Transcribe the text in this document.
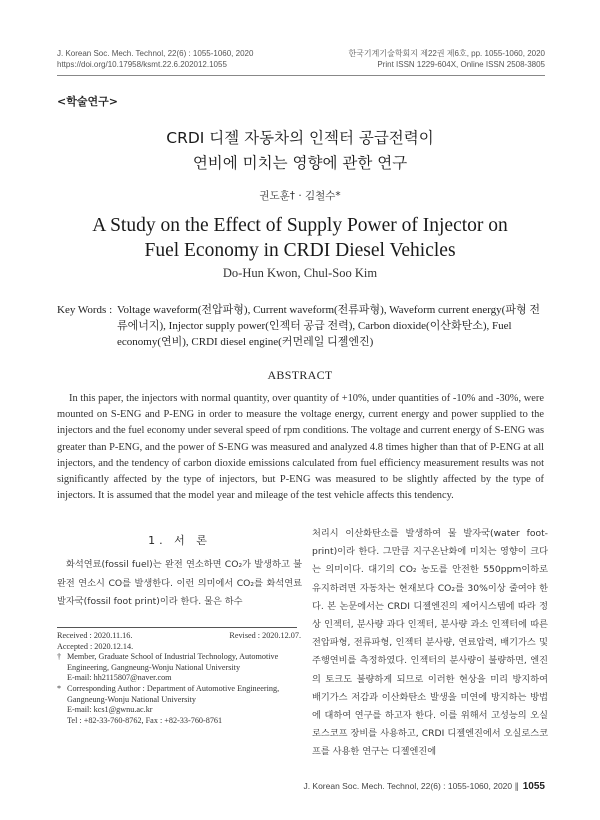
J. Korean Soc. Mech. Technol, 22(6) : 1055-1060, 2020
https://doi.org/10.17958/ksmt.22.6.202012.1055
한국기계기술학회지 제22권 제6호, pp. 1055-1060, 2020
Print ISSN 1229-604X, Online ISSN 2508-3805
<학술연구>
CRDI 디젤 자동차의 인젝터 공급전력이
연비에 미치는 영향에 관한 연구
권도훈† · 김철수*
A Study on the Effect of Supply Power of Injector on
Fuel Economy in CRDI Diesel Vehicles
Do-Hun Kwon, Chul-Soo Kim
Key Words : Voltage waveform(전압파형), Current waveform(전류파형), Waveform current energy(파형 전류에너지), Injector supply power(인젝터 공급 전력), Carbon dioxide(이산화탄소), Fuel economy(연비), CRDI diesel engine(커먼레일 디젤엔진)
ABSTRACT

In this paper, the injectors with normal quantity, over quantity of +10%, under quantities of -10% and -30%, were mounted on S-ENG and P-ENG in order to measure the voltage energy, current energy and power supplied to the injectors and the fuel economy under several speed of rpm conditions. The voltage and current energy of S-ENG was greater than P-ENG, and the power of S-ENG was measured and analyzed 4.8 times higher than that of P-ENG at all injectors, and the tendency of carbon dioxide emissions calculated from fuel efficiency measurement results was not significantly affected by the type of injectors, but P-ENG was measured to be slightly affected by the type of injectors. It is assumed that the model year and mileage of the test vehicle affects this tendency.

1. 서 론

화석연료(fossil fuel)는 완전 연소하면 CO₂가 발생하고 불완전 연소시 CO를 발생한다. 이런 의미에서 CO₂를 화석연료 발자국(fossil foot print)이라 한다. 물은 하수

처리시 이산화탄소를 발생하여 물 발자국(water foot-print)이라 한다. 그만큼 지구온난화에 미치는 영향이 크다는 의미이다. 대기의 CO₂ 농도를 안전한 550ppm이하로 유지하려면 자동차는 현재보다 CO₂를 30%이상 줄여야 한다. 본 논문에서는 CRDI 디젤엔진의 제어시스템에 따라 정상 인젝터, 분사량 과다 인젝터, 분사량 과소 인젝터에 따른 전압파형, 전류파형, 인젝터 분사량, 연료압력, 배기가스 및 주행연비를 측정하였다. 인젝터의 분사량이 불량하면, 엔진의 토크도 불량하게 되므로 이러한 현상을 미리 방지하여 배기가스 저감과 이산화탄소 발생을 미연에 방지하는 방법에 대하여 연구를 하고자 한다. 이를 위해서 고성능의 오실로스코프 장비를 사용하고, CRDI 디젤엔진에서 오실로스코프를 사용한 연구는 디젤엔진에

Received : 2020.11.16.	Revised : 2020.12.07.
Accepted : 2020.12.14.
† Member, Graduate School of Industrial Technology, Automotive Engineering, Gangneung-Wonju National University
E-mail: hh2115807@naver.com
* Corresponding Author : Department of Automotive Engineering, Gangneung-Wonju National University
E-mail: kcs1@gwnu.ac.kr
Tel : +82-33-760-8762, Fax : +82-33-760-8761
J. Korean Soc. Mech. Technol, 22(6) : 1055-1060, 2020 ∥ 1055
